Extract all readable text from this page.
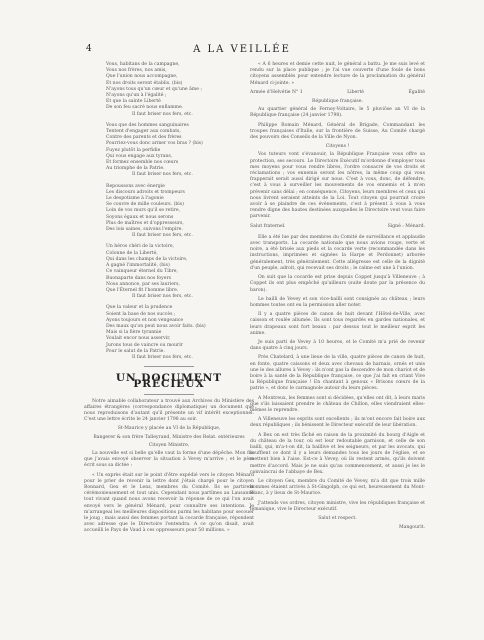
4	A LA VEILLÉE
Vous, habitans de la campagne,
Vous nos frères, nos amis,
Que l'union nous accompagne,
Et nos droits seront établis. (bis)
N'ayons tous qu'un cœur et qu'une âme ;
N'ayons qu'un à l'égalité ;
Et que la sainte Liberté
De son feu sacré nous enflamme.
Il faut briser nos fers, etc.
Vous que des hommes sanguinaires
Tentent d'engager aux combats,
Contre des parents et des frères
Pourriez-vous donc armer vos bras ? (bis)
Fuyez plutôt la perfidie
Qui vous engage aux tyrans,
Et formez ensemble nos cœurs
Au triomphe de la Patrie.
Il faut briser nos fers, etc.
Repoussons avec énergie
Les discours adroits et trompeurs
Le despotisme à l'agonie
Se couvre de mille couleurs. (bis)
Loin de vos murs qu'il se retire,
Soyons égaux et nous serons
Plus de maîtres et d'oppresseurs,
Des lois saines, suivons l'empire.
Il faut briser nos fers, etc.
Un héros chéri de la victoire,
Colonne de la Liberté,
Qui dans les champs de la victoire,
A gagné l'immortalité, (bis)
Ce vainqueur éternel du Tibre,
Buonaparte dans nos foyers
Nous annonce, par ses lauriers,
Que l'Éternel fit l'homme libre.
Il faut briser nos fers, etc.
Que la valeur et la prudence
Soient la base de nos succès ;
Ayons toujours et non vengeance
Des maux qu'on peut nous avoir faits. (bis)
Mais si la fière tyrannie
Voulait encor nous asservir,
Jurons tous de vaincre ou mourir
Pour le salut de la Patrie.
Il faut briser nos fers, etc.
UN DOCUMENT PRÉCIEUX
Notre aimable collaborateur a trouvé aux Archives du Ministère des affaires étrangères (correspondance diplomatique) un document que nous reproduisons d'autant qu'il présente un vif intérêt exceptionnel. C'est une lettre écrite le 24 janvier 1798 au soir.
St-Maurice y placée au VI de la République,
Bangerer & son frère Talleyrand, Ministre des Relat. extérieures
Citoyen Ministre,
La nouvelle est si belle qu'elle vaut la forme d'une dépêche. Mon fils que j'avais envoyé observer la situation à Vevey m'arrive ; et le père écrit sous sa dictée :
« Un exprès était sur le point d'être expédié vers le citoyen Ménard pour le prier de revenir la lettre dont j'étais chargé pour le citoyen Bonnard, Gex et le Lenz, membres du Comité. Ils se partirent cérémonieusement et tout unis. Cependant nous partîmes au Lausanne tout vivant quand nous avons recevoir la réponse de ce qui l'on avait envoyé vers le général Ménard, pour connaître ses intentions. Je m'arrangeai les meilleures dispositions parmi les habitans pour secouer le joug ; mais aussi des femmes portant la cocarde française, répondent avec adresse que le Directoire l'entendra. A ce qu'on disait, avait accueilli le Pays de Vaud à ces oppresseurs pour 50 millions. »
« A 6 heures et demie cette nuit, le général a battu. Je me suis levé et rendu sur la place publique ; je l'ai vue couverte d'une foule de bons citoyens assemblés pour entendre lecture de la proclamation du général Ménard ci-jointe. »
Armée d'Helvétie N° 1	Liberté	Égalité
République française.
Au quartier général de Ferney-Voltaire, le 5 pluviôse an VI de la République française (24 janvier 1798).
Philippe Romain Ménard, Général de Brigade, Commandant les troupes françaises d'Italie, sur la frontière de Suisse, Au Comité chargé des pouvoirs des Conseils de la Ville de Nyon.
Citoyens !
Vos tuteurs vont s'évanouir, la République Française vous offre sa protection, ses secours. Le Directoire Exécutif m'ordonne d'employer tous mes moyens pour vous rendre libres, l'ordre consacré de vos droits et réclamations ; vos ennemis seront les nôtres, la même coup qui vous frapperait serait aussi dirigé sur nous. C'est à vous, donc, de défendre, c'est à vous à surveiller les mouvements de vos ennemis et à m'en prévenir sans délai ; en conséquence, Citoyens, leurs membres et ceux qui nous livrent seraient atteints de la Loi. Tout citoyen qui pourrait croire avoir à se plaindre de ces événements, c'est à présent à vous à vous rendre digne des hautes destinées auxquelles le Directoire veut vous faire parvenir.
Salut fraternel.	Signé : Ménard.
Elle a été lue par des membres du Comité de surveillance et applaudie avec transports. La cocarde nationale que nous avions rouge, verte et noire, a été brisée aux pieds et la cocarde verte (recommandée dans les instructions, imprimées et signées la Harpe et Perdonnet) arborée généralement, très généralement. Cette allégresse est celle de la dignité d'un peuple, adroit, qui recevait ses droits ; le calme est une à l'union.
On suit que la cocarde est prise depuis Coppet jusqu'à Villeneuve ; à Coppet ils ont plus empêché qu'ailleurs (suite doute par la présence du baron).
Le bailli de Vevey et son vice-bailli sont consignés au château ; leurs hommes toutes ont eu la permission aller noter.
Il y a quatre pièces de canon de huit devant l'Hôtel-de-Ville, avec caisson et roulée allumée. Ils sont tous regardés en gardes nationales, et leurs drapeaux sont fort beaux : par dessus tout le meilleur esprit les anime.
Je suis parti de Vevey à 10 heures, et le Comité m'a prié de revenir dans quatre à cinq jours.
Près Chatelard, à une lieue de la ville, quatre pièces de canon de huit, en fonte, quatre caissons et deux avec chevaux de harnais, ornés et unis une le des allures à Vevey : ils n'ont pas la descendre de mon chariot et de boire à la santé de la République française, ce que j'ai fait en criant Vive la République française ! En chantant à genoux « Brisons cœurs de la patrie », et donc le carmagnole autour du leurs pièces.
A Montreux, les femmes sont si décidées, qu'elles ont dit, à leurs maris que s'ils laissaient prendre le château de Chillon, elles viendraient elles-mêmes le reprendre.
A Villeneuve les esprits sont excellents ; ils m'ont encore fait boire aux deux républiques ; ils bénissent le Directeur exécutif de leur libération.
A Bex on est très fâché en raison de la proximité du bourg d'Aigle et du château de la tour, où est leur redoutable garnison, et celle de son bailli, qui, m'a-t-on dit, la baillive et les seigneurs, et par les avocats, qui soufflent ce dont il y a leurs demandes tous les jours de l'église, et se mettent bien à l'aise. Est-ce à Vevey, où ils restent armés, qu'ils doivent mettre d'accord. Mais je ne suis qu'au commencement, et aussi je les le convaincrai de l'abbaye de Bex.
Le citoyen Gex, membre du Comité de Vevey, m'a dit que trois mille hommes étaient arrivés à St-Gingolph, ce qui est, heureusement du Mont-Blanc, à y lieux de St-Maurice.
J'attends vos ordres, citoyen ministre, vive les républiques française et lémanique, vive le Directeur exécutif.
Salut et respect.
Mangourit.
